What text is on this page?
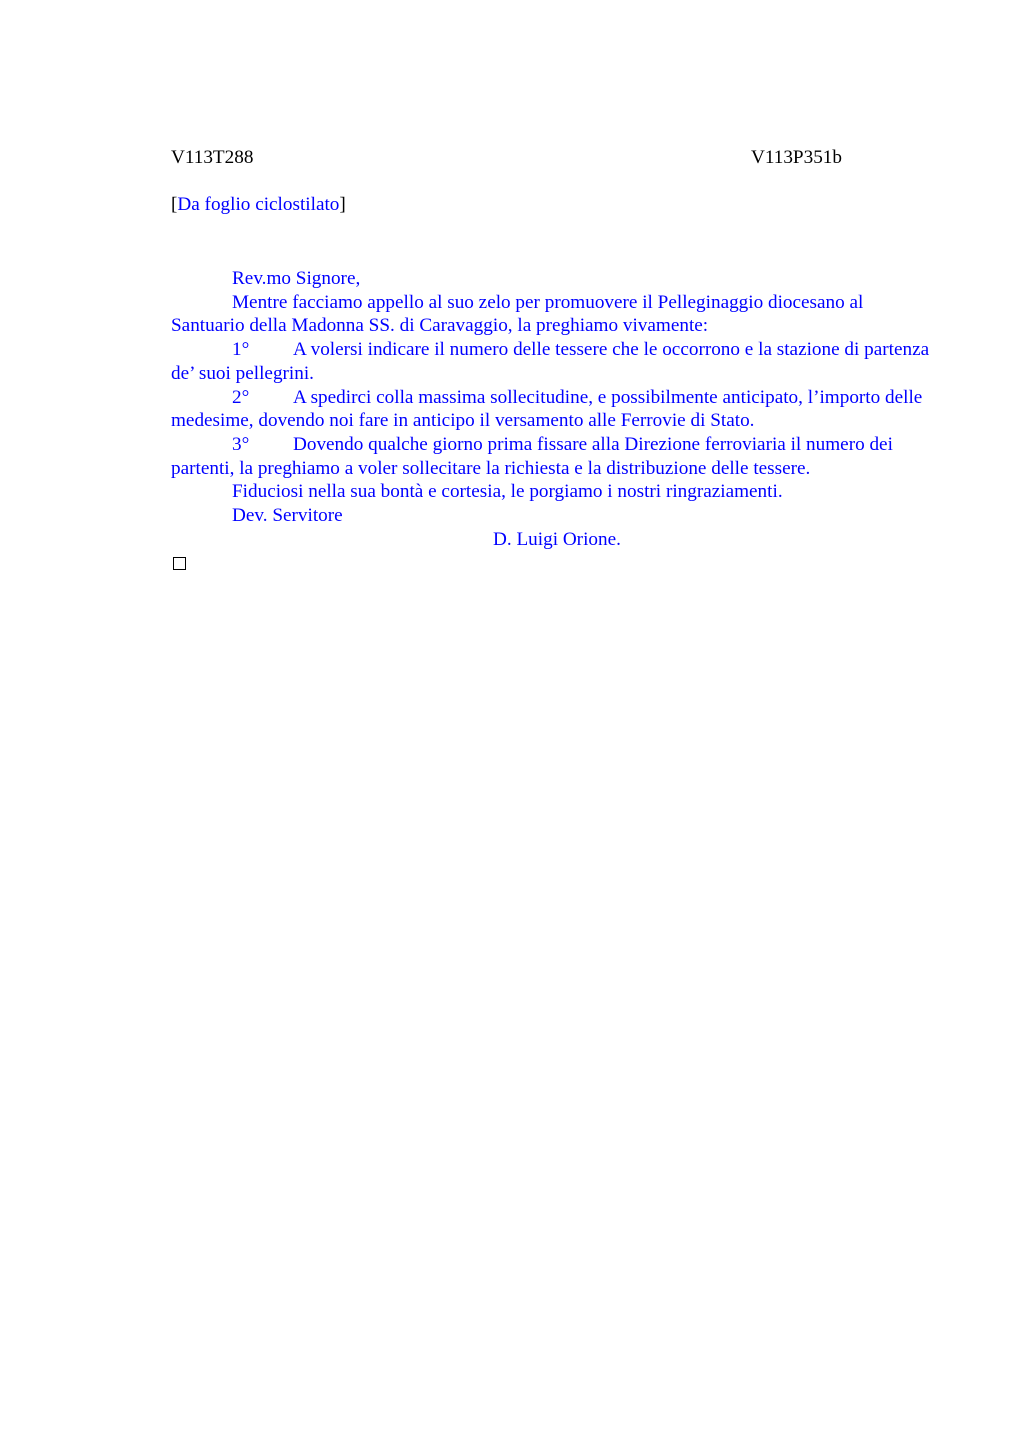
V113T288	V113P351b
[Da foglio ciclostilato]

Rev.mo Signore,

Mentre facciamo appello al suo zelo per promuovere il Pelleginaggio diocesano al Santuario della Madonna SS. di Caravaggio, la preghiamo vivamente:

1° A volersi indicare il numero delle tessere che le occorrono e la stazione di partenza de’ suoi pellegrini.

2° A spedirci colla massima sollecitudine, e possibilmente anticipato, l’importo delle medesime, dovendo noi fare in anticipo il versamento alle Ferrovie di Stato.

3° Dovendo qualche giorno prima fissare alla Direzione ferroviaria il numero dei partenti, la preghiamo a voler sollecitare la richiesta e la distribuzione delle tessere.

Fiduciosi nella sua bontà e cortesia, le porgiamo i nostri ringraziamenti.

Dev. Servitore

D. Luigi Orione.
